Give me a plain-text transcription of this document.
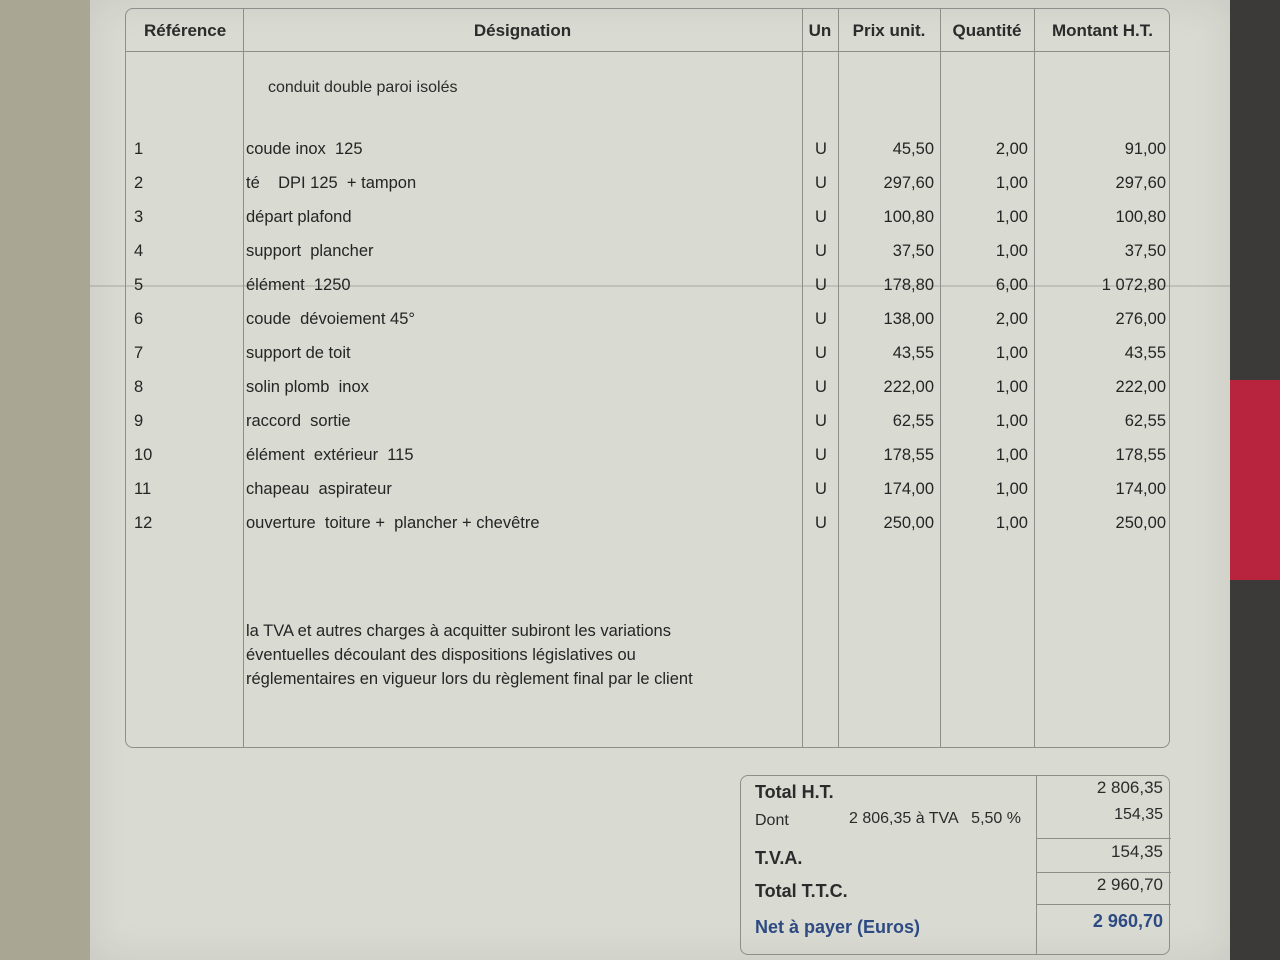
Référence	Désignation	Un	Prix unit.	Quantité	Montant H.T.
conduit double paroi isolés
1	coude inox  125	U	45,50	2,00	91,00
2	té    DPI 125  + tampon	U	297,60	1,00	297,60
3	départ plafond	U	100,80	1,00	100,80
4	support  plancher	U	37,50	1,00	37,50
5	élément  1250	U	178,80	6,00	1 072,80
6	coude  dévoiement 45°	U	138,00	2,00	276,00
7	support de toit	U	43,55	1,00	43,55
8	solin plomb  inox	U	222,00	1,00	222,00
9	raccord  sortie	U	62,55	1,00	62,55
10	élément  extérieur  115	U	178,55	1,00	178,55
11	chapeau  aspirateur	U	174,00	1,00	174,00
12	ouverture  toiture +  plancher + chevêtre	U	250,00	1,00	250,00
la TVA et autres charges à acquitter subiront les variations
éventuelles découlant des dispositions législatives ou
réglementaires en vigueur lors du règlement final par le client
Total H.T.	2 806,35
Dont	2 806,35 à TVA   5,50 %	154,35
T.V.A.	154,35
Total T.T.C.	2 960,70
Net à payer (Euros)	2 960,70
